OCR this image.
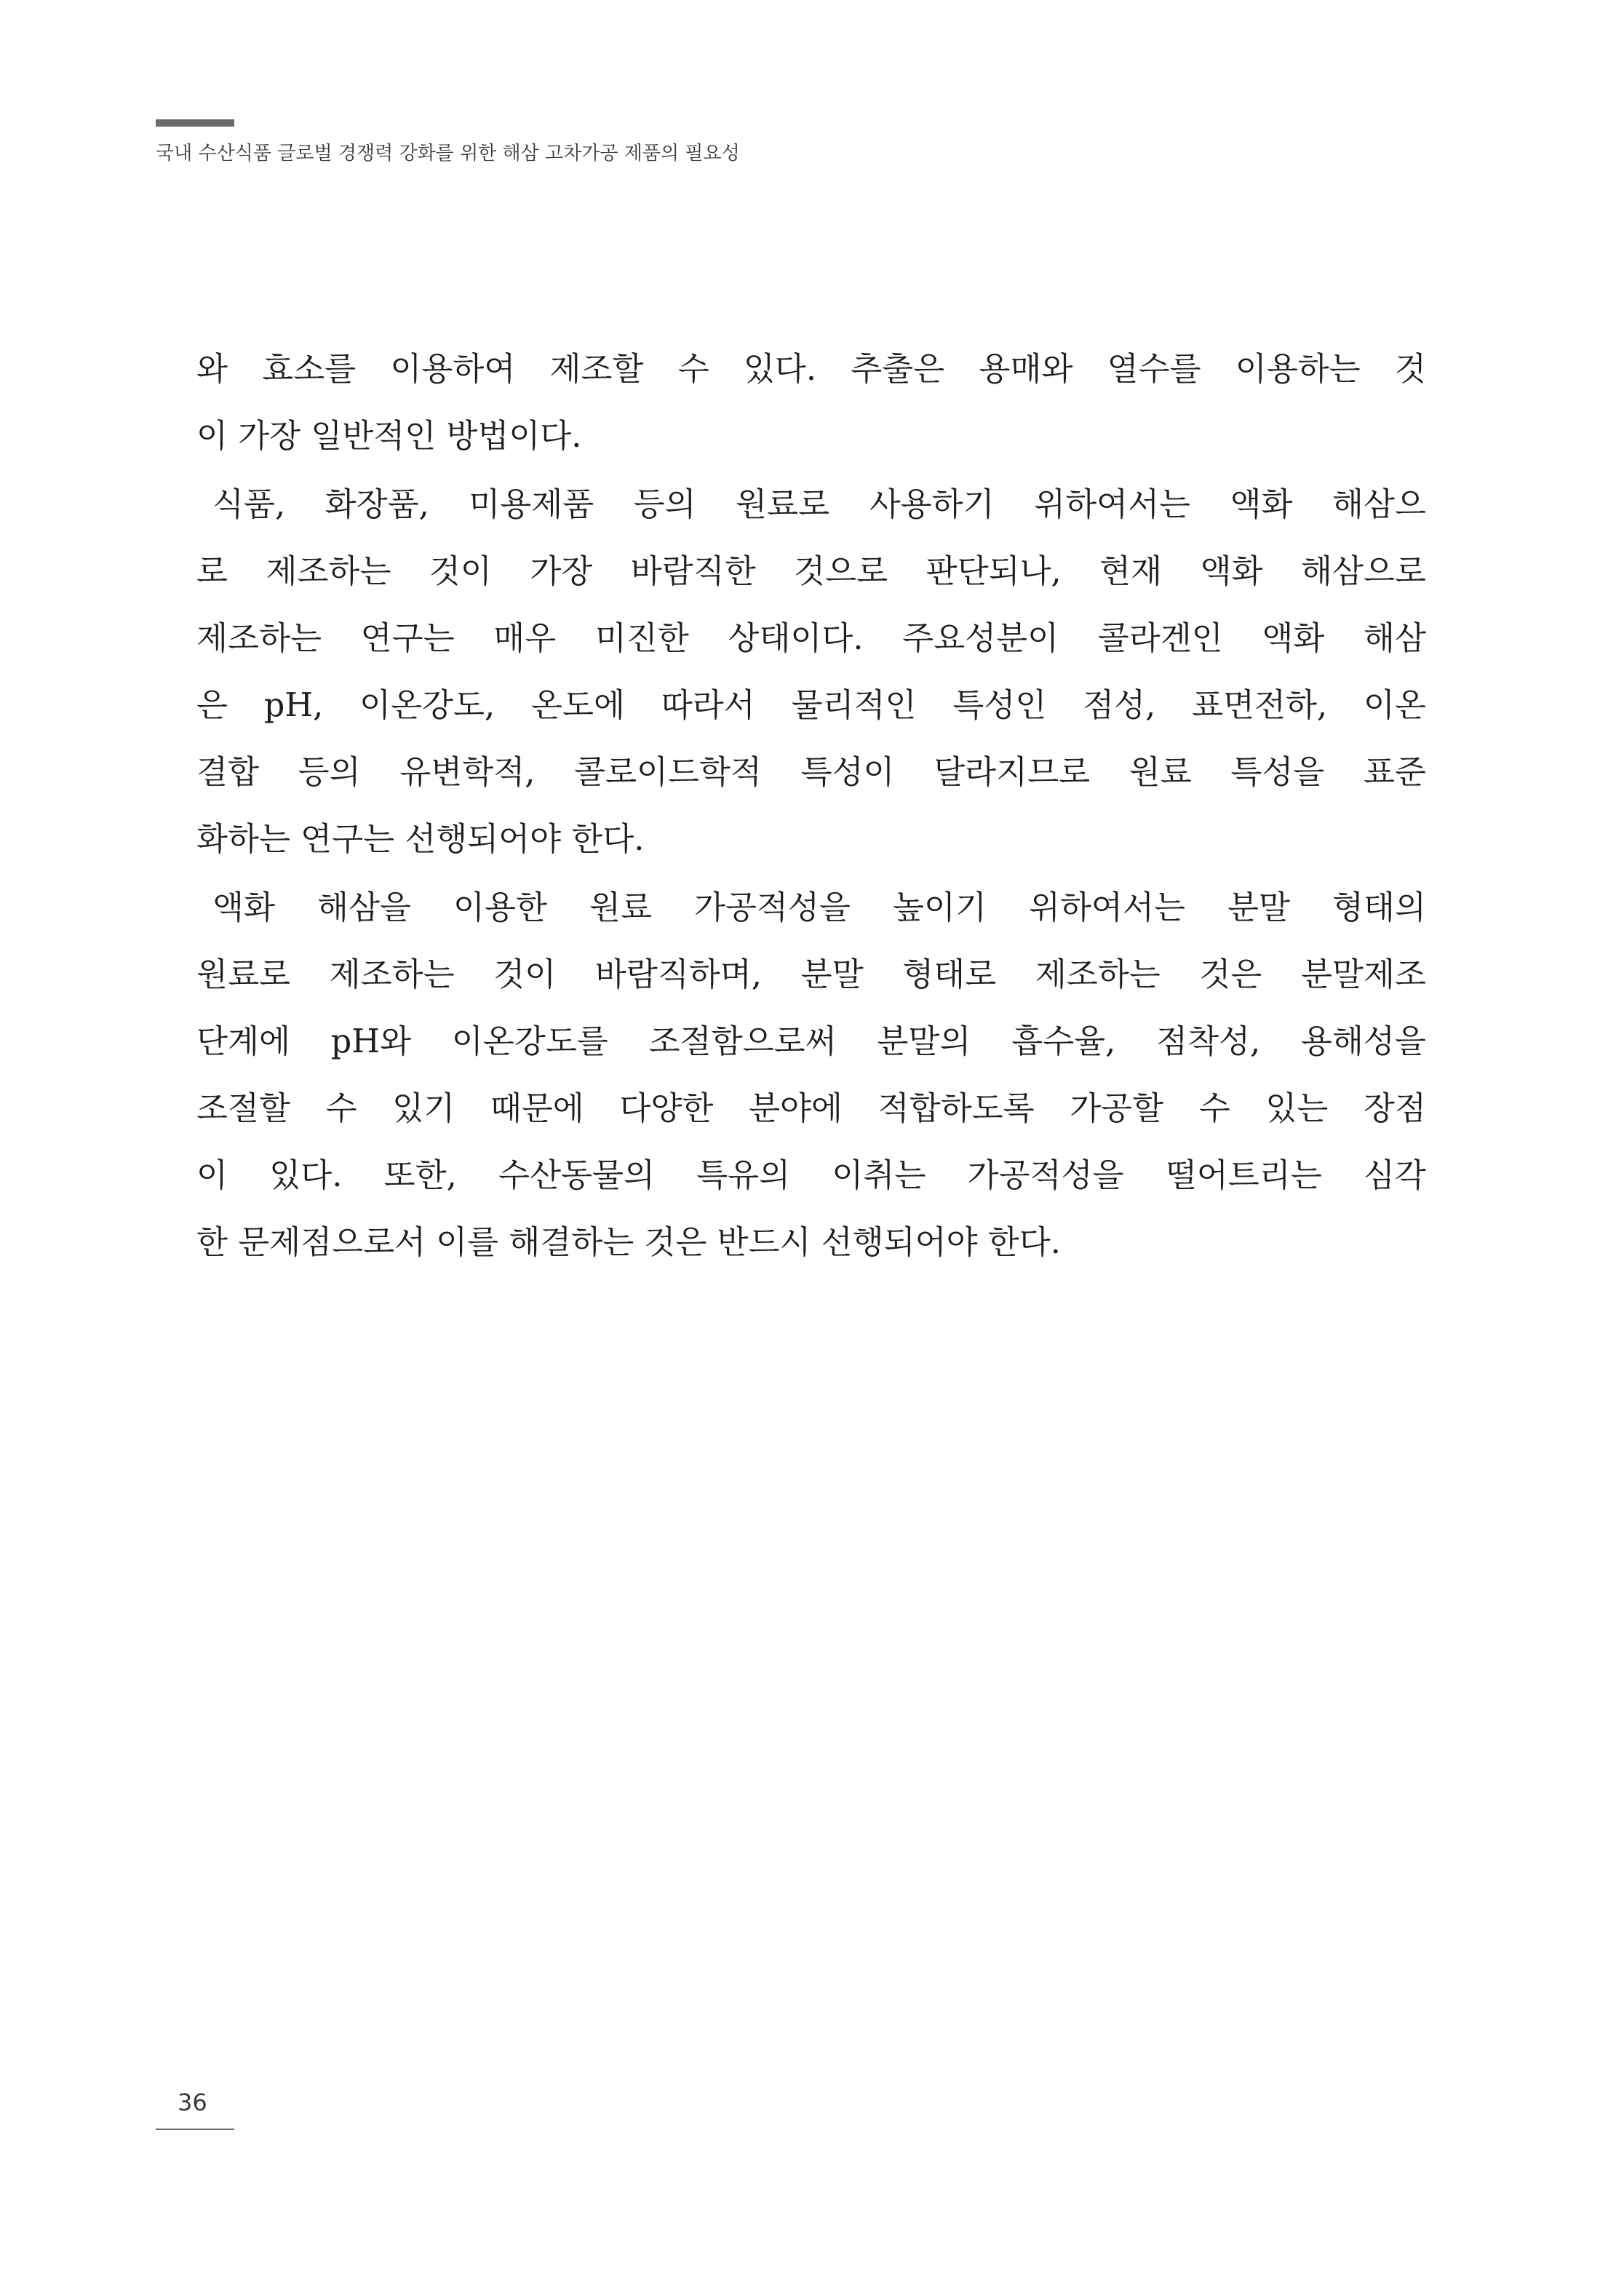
국내 수산식품 글로벌 경쟁력 강화를 위한 해삼 고차가공 제품의 필요성
와 효소를 이용하여 제조할 수 있다. 추출은 용매와 열수를 이용하는 것
이 가장 일반적인 방법이다.
식품, 화장품, 미용제품 등의 원료로 사용하기 위하여서는 액화 해삼으
로 제조하는 것이 가장 바람직한 것으로 판단되나, 현재 액화 해삼으로
제조하는 연구는 매우 미진한 상태이다. 주요성분이 콜라겐인 액화 해삼
은 pH, 이온강도, 온도에 따라서 물리적인 특성인 점성, 표면전하, 이온
결합 등의 유변학적, 콜로이드학적 특성이 달라지므로 원료 특성을 표준
화하는 연구는 선행되어야 한다.
액화 해삼을 이용한 원료 가공적성을 높이기 위하여서는 분말 형태의
원료로 제조하는 것이 바람직하며, 분말 형태로 제조하는 것은 분말제조
단계에 pH와 이온강도를 조절함으로써 분말의 흡수율, 점착성, 용해성을
조절할 수 있기 때문에 다양한 분야에 적합하도록 가공할 수 있는 장점
이 있다. 또한, 수산동물의 특유의 이취는 가공적성을 떨어트리는 심각
한 문제점으로서 이를 해결하는 것은 반드시 선행되어야 한다.
36
